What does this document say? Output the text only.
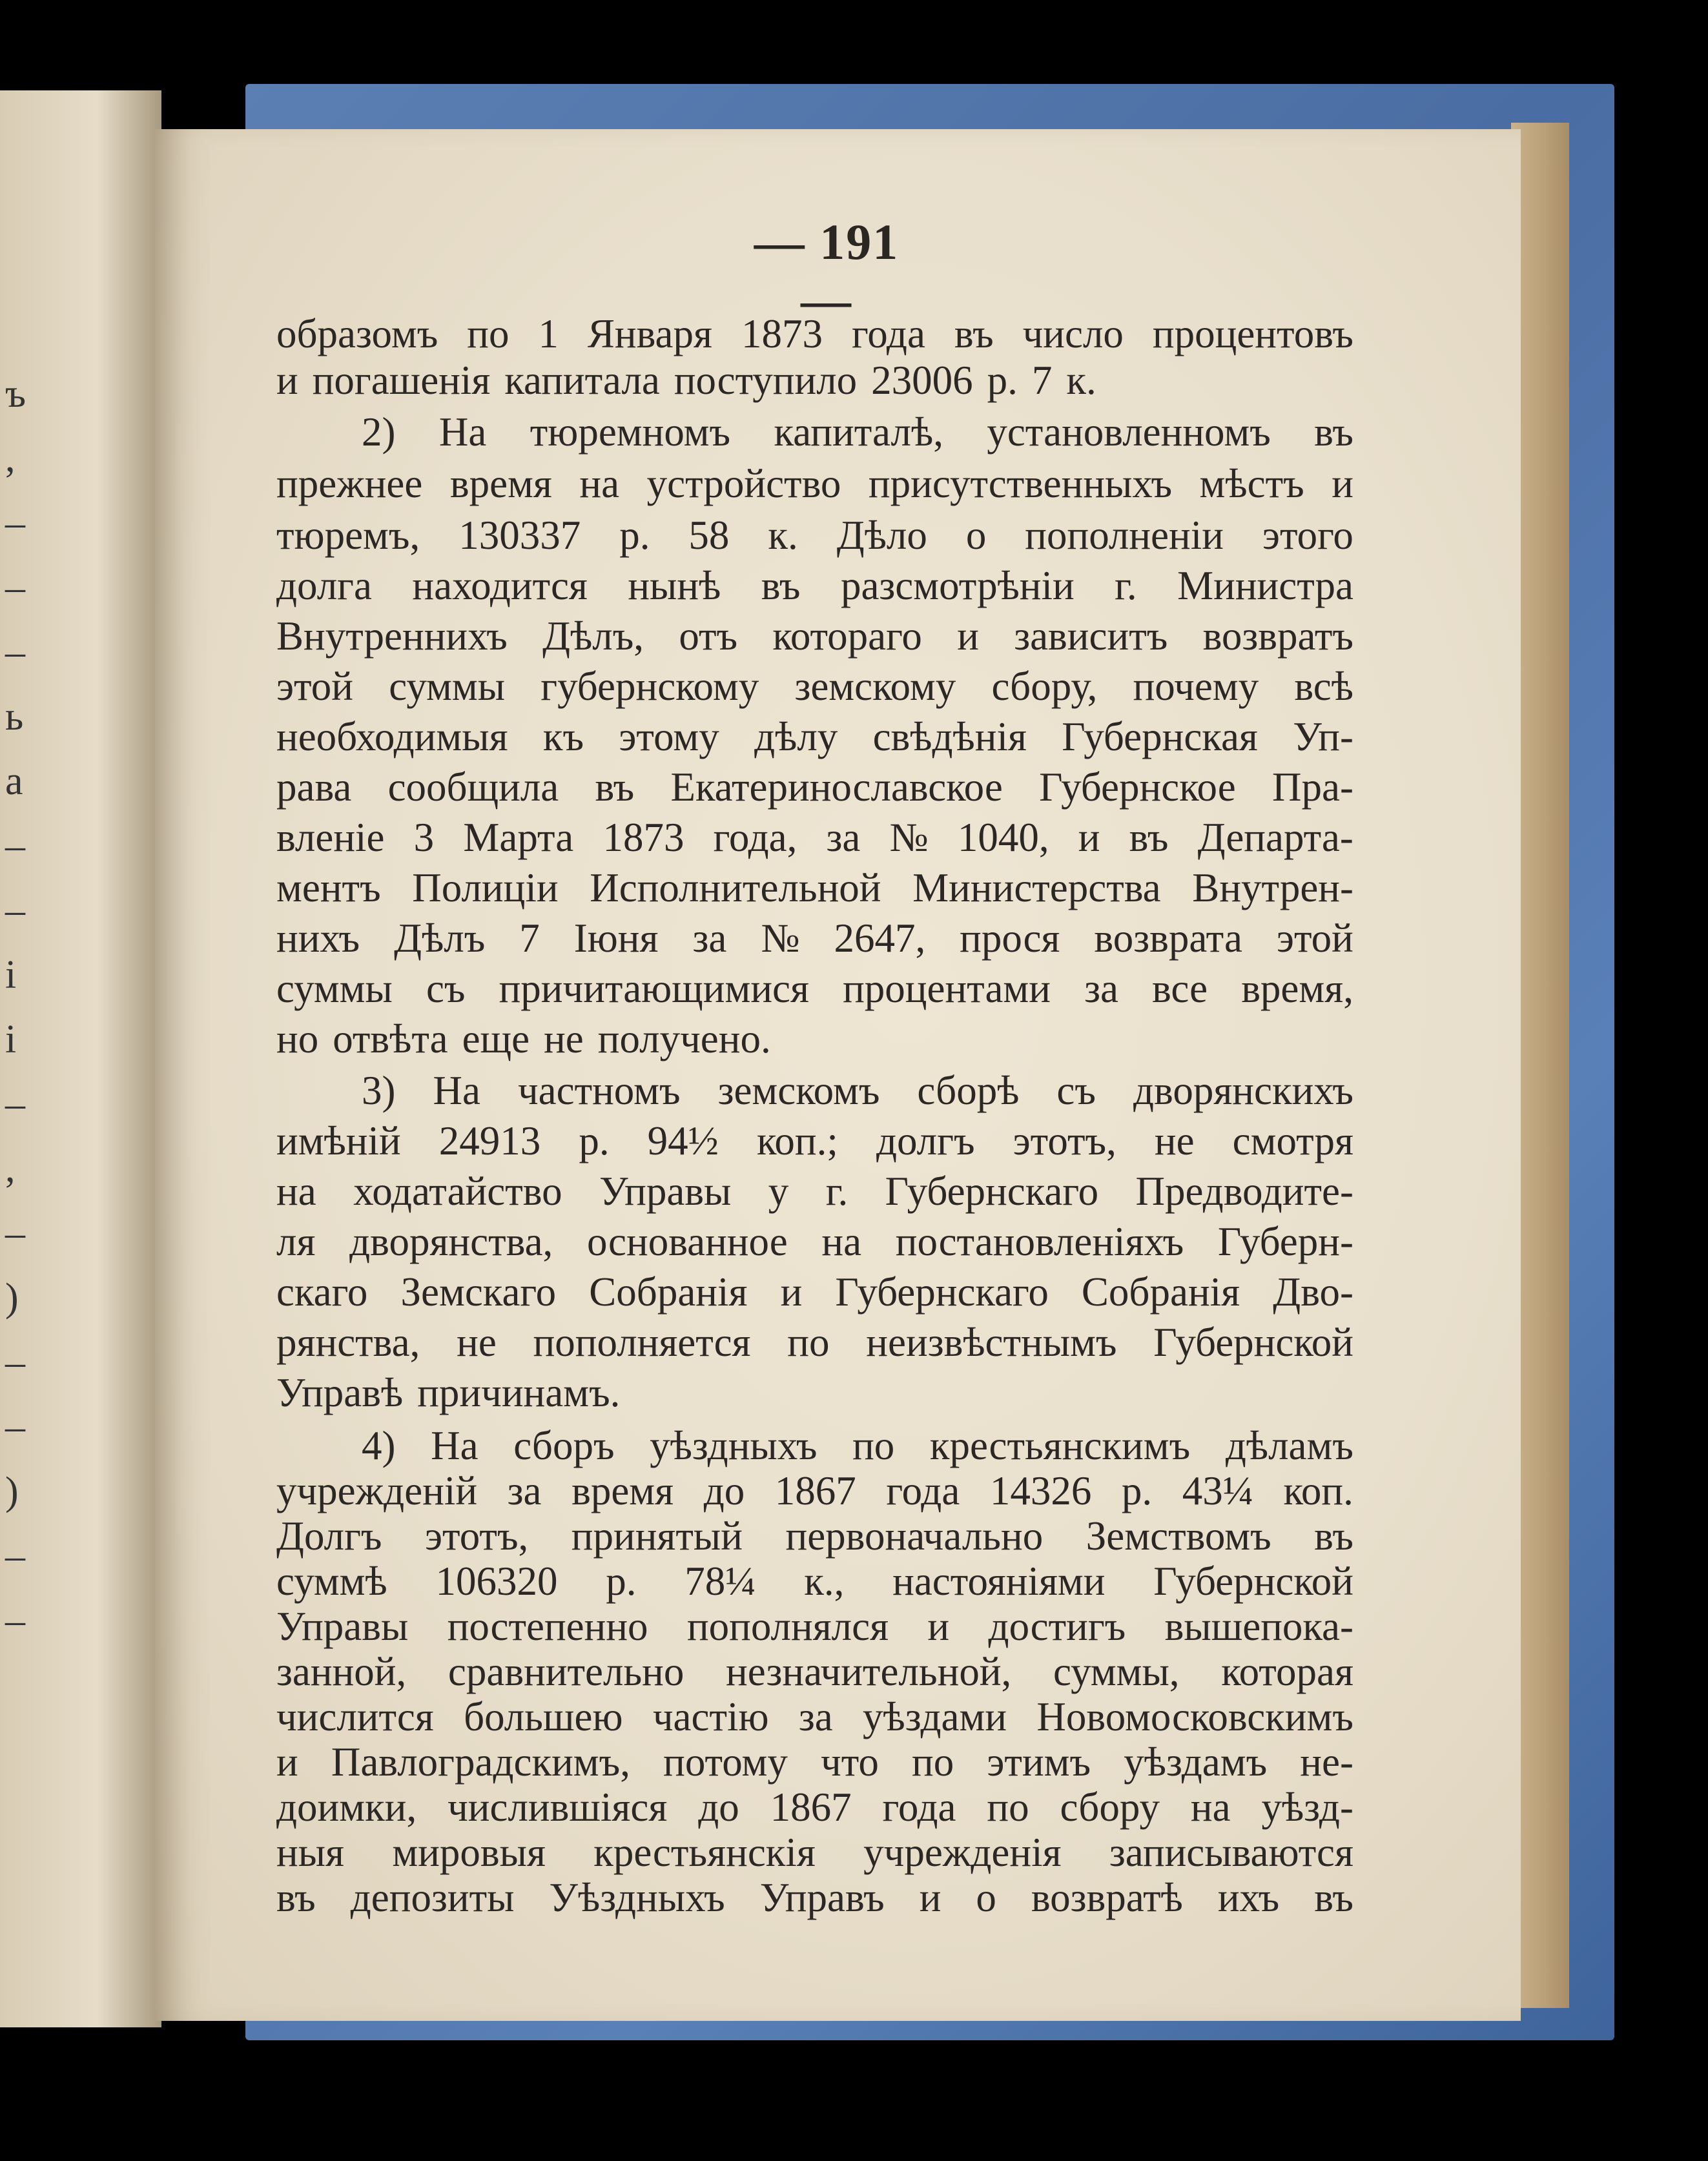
ъ
,
–
–
–
ь
а
–
–
і
і
–
,
–
)
–
–
)
–
–
— 191 —
образомъ по 1 Января 1873 года въ число процентовъ
и погашенія капитала поступило 23006 р. 7 к.
2) На тюремномъ капиталѣ, установленномъ въ
прежнее время на устройство присутственныхъ мѣстъ и
тюремъ, 130337 р. 58 к. Дѣло о пополненіи этого
долга находится нынѣ въ разсмотрѣніи г. Министра
Внутреннихъ Дѣлъ, отъ котораго и зависитъ возвратъ
этой суммы губернскому земскому сбору, почему всѣ
необходимыя къ этому дѣлу свѣдѣнія Губернская Уп-
рава сообщила въ Екатеринославское Губернское Пра-
вленіе 3 Марта 1873 года, за № 1040, и въ Департа-
ментъ Полиціи Исполнительной Министерства Внутрен-
нихъ Дѣлъ 7 Іюня за № 2647, прося возврата этой
суммы съ причитающимися процентами за все время,
но отвѣта еще не получено.
3) На частномъ земскомъ сборѣ съ дворянскихъ
имѣній 24913 р. 94½ коп.; долгъ этотъ, не смотря
на ходатайство Управы у г. Губернскаго Предводите-
ля дворянства, основанное на постановленіяхъ Губерн-
скаго Земскаго Собранія и Губернскаго Собранія Дво-
рянства, не пополняется по неизвѣстнымъ Губернской
Управѣ причинамъ.
4) На сборъ уѣздныхъ по крестьянскимъ дѣламъ
учрежденій за время до 1867 года 14326 р. 43¼ коп.
Долгъ этотъ, принятый первоначально Земствомъ въ
суммѣ 106320 р. 78¼ к., настояніями Губернской
Управы постепенно пополнялся и достигъ вышепока-
занной, сравнительно незначительной, суммы, которая
числится большею частію за уѣздами Новомосковскимъ
и Павлоградскимъ, потому что по этимъ уѣздамъ не-
доимки, числившіяся до 1867 года по сбору на уѣзд-
ныя мировыя крестьянскія учрежденія записываются
въ депозиты Уѣздныхъ Управъ и о возвратѣ ихъ въ
